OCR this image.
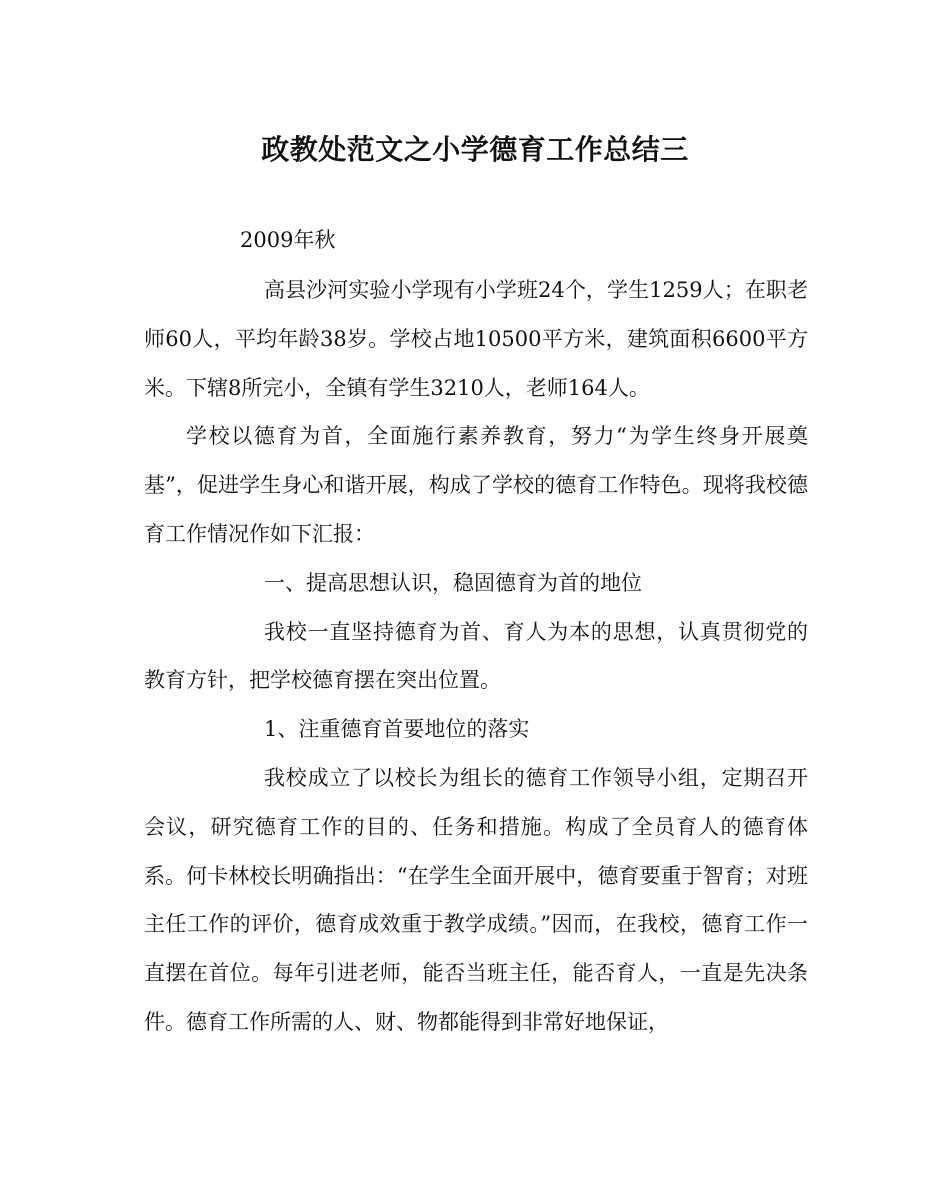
政教处范文之小学德育工作总结三
2009年秋

高县沙河实验小学现有小学班24个，学生1259人；在职老师60人，平均年龄38岁。学校占地10500平方米，建筑面积6600平方米。下辖8所完小，全镇有学生3210人，老师164人。

学校以德育为首，全面施行素养教育，努力“为学生终身开展奠基”，促进学生身心和谐开展，构成了学校的德育工作特色。现将我校德育工作情况作如下汇报：

一、提高思想认识，稳固德育为首的地位

我校一直坚持德育为首、育人为本的思想，认真贯彻党的教育方针，把学校德育摆在突出位置。

1、注重德育首要地位的落实

我校成立了以校长为组长的德育工作领导小组，定期召开会议，研究德育工作的目的、任务和措施。构成了全员育人的德育体系。何卡林校长明确指出：“在学生全面开展中，德育要重于智育；对班主任工作的评价，德育成效重于教学成绩。”因而，在我校，德育工作一直摆在首位。每年引进老师，能否当班主任，能否育人，一直是先决条件。德育工作所需的人、财、物都能得到非常好地保证，
